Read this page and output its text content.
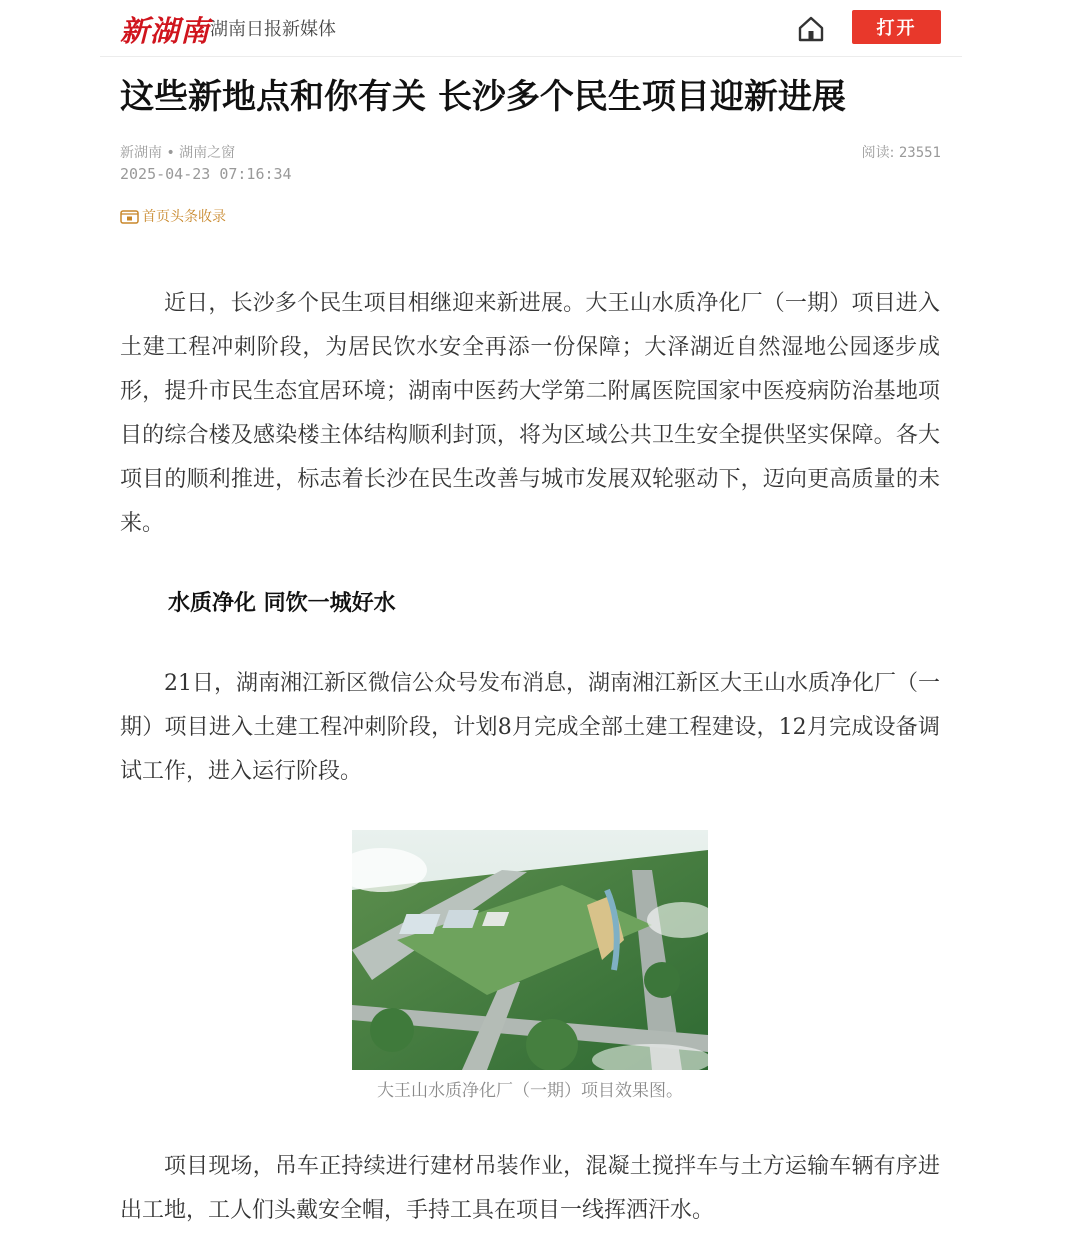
新湖南 湖南日报新媒体	打开
这些新地点和你有关 长沙多个民生项目迎新进展
新湖南 • 湖南之窗
2025-04-23 07:16:34
阅读: 23551
首页头条收录

近日，长沙多个民生项目相继迎来新进展。大王山水质净化厂（一期）项目进入土建工程冲刺阶段，为居民饮水安全再添一份保障；大泽湖近自然湿地公园逐步成形，提升市民生态宜居环境；湖南中医药大学第二附属医院国家中医疫病防治基地项目的综合楼及感染楼主体结构顺利封顶，将为区域公共卫生安全提供坚实保障。各大项目的顺利推进，标志着长沙在民生改善与城市发展双轮驱动下，迈向更高质量的未来。

水质净化 同饮一城好水

21日，湖南湘江新区微信公众号发布消息，湖南湘江新区大王山水质净化厂（一期）项目进入土建工程冲刺阶段，计划8月完成全部土建工程建设，12月完成设备调试工作，进入运行阶段。

大王山水质净化厂（一期）项目效果图。

项目现场，吊车正持续进行建材吊装作业，混凝土搅拌车与土方运输车辆有序进出工地，工人们头戴安全帽，手持工具在项目一线挥洒汗水。
